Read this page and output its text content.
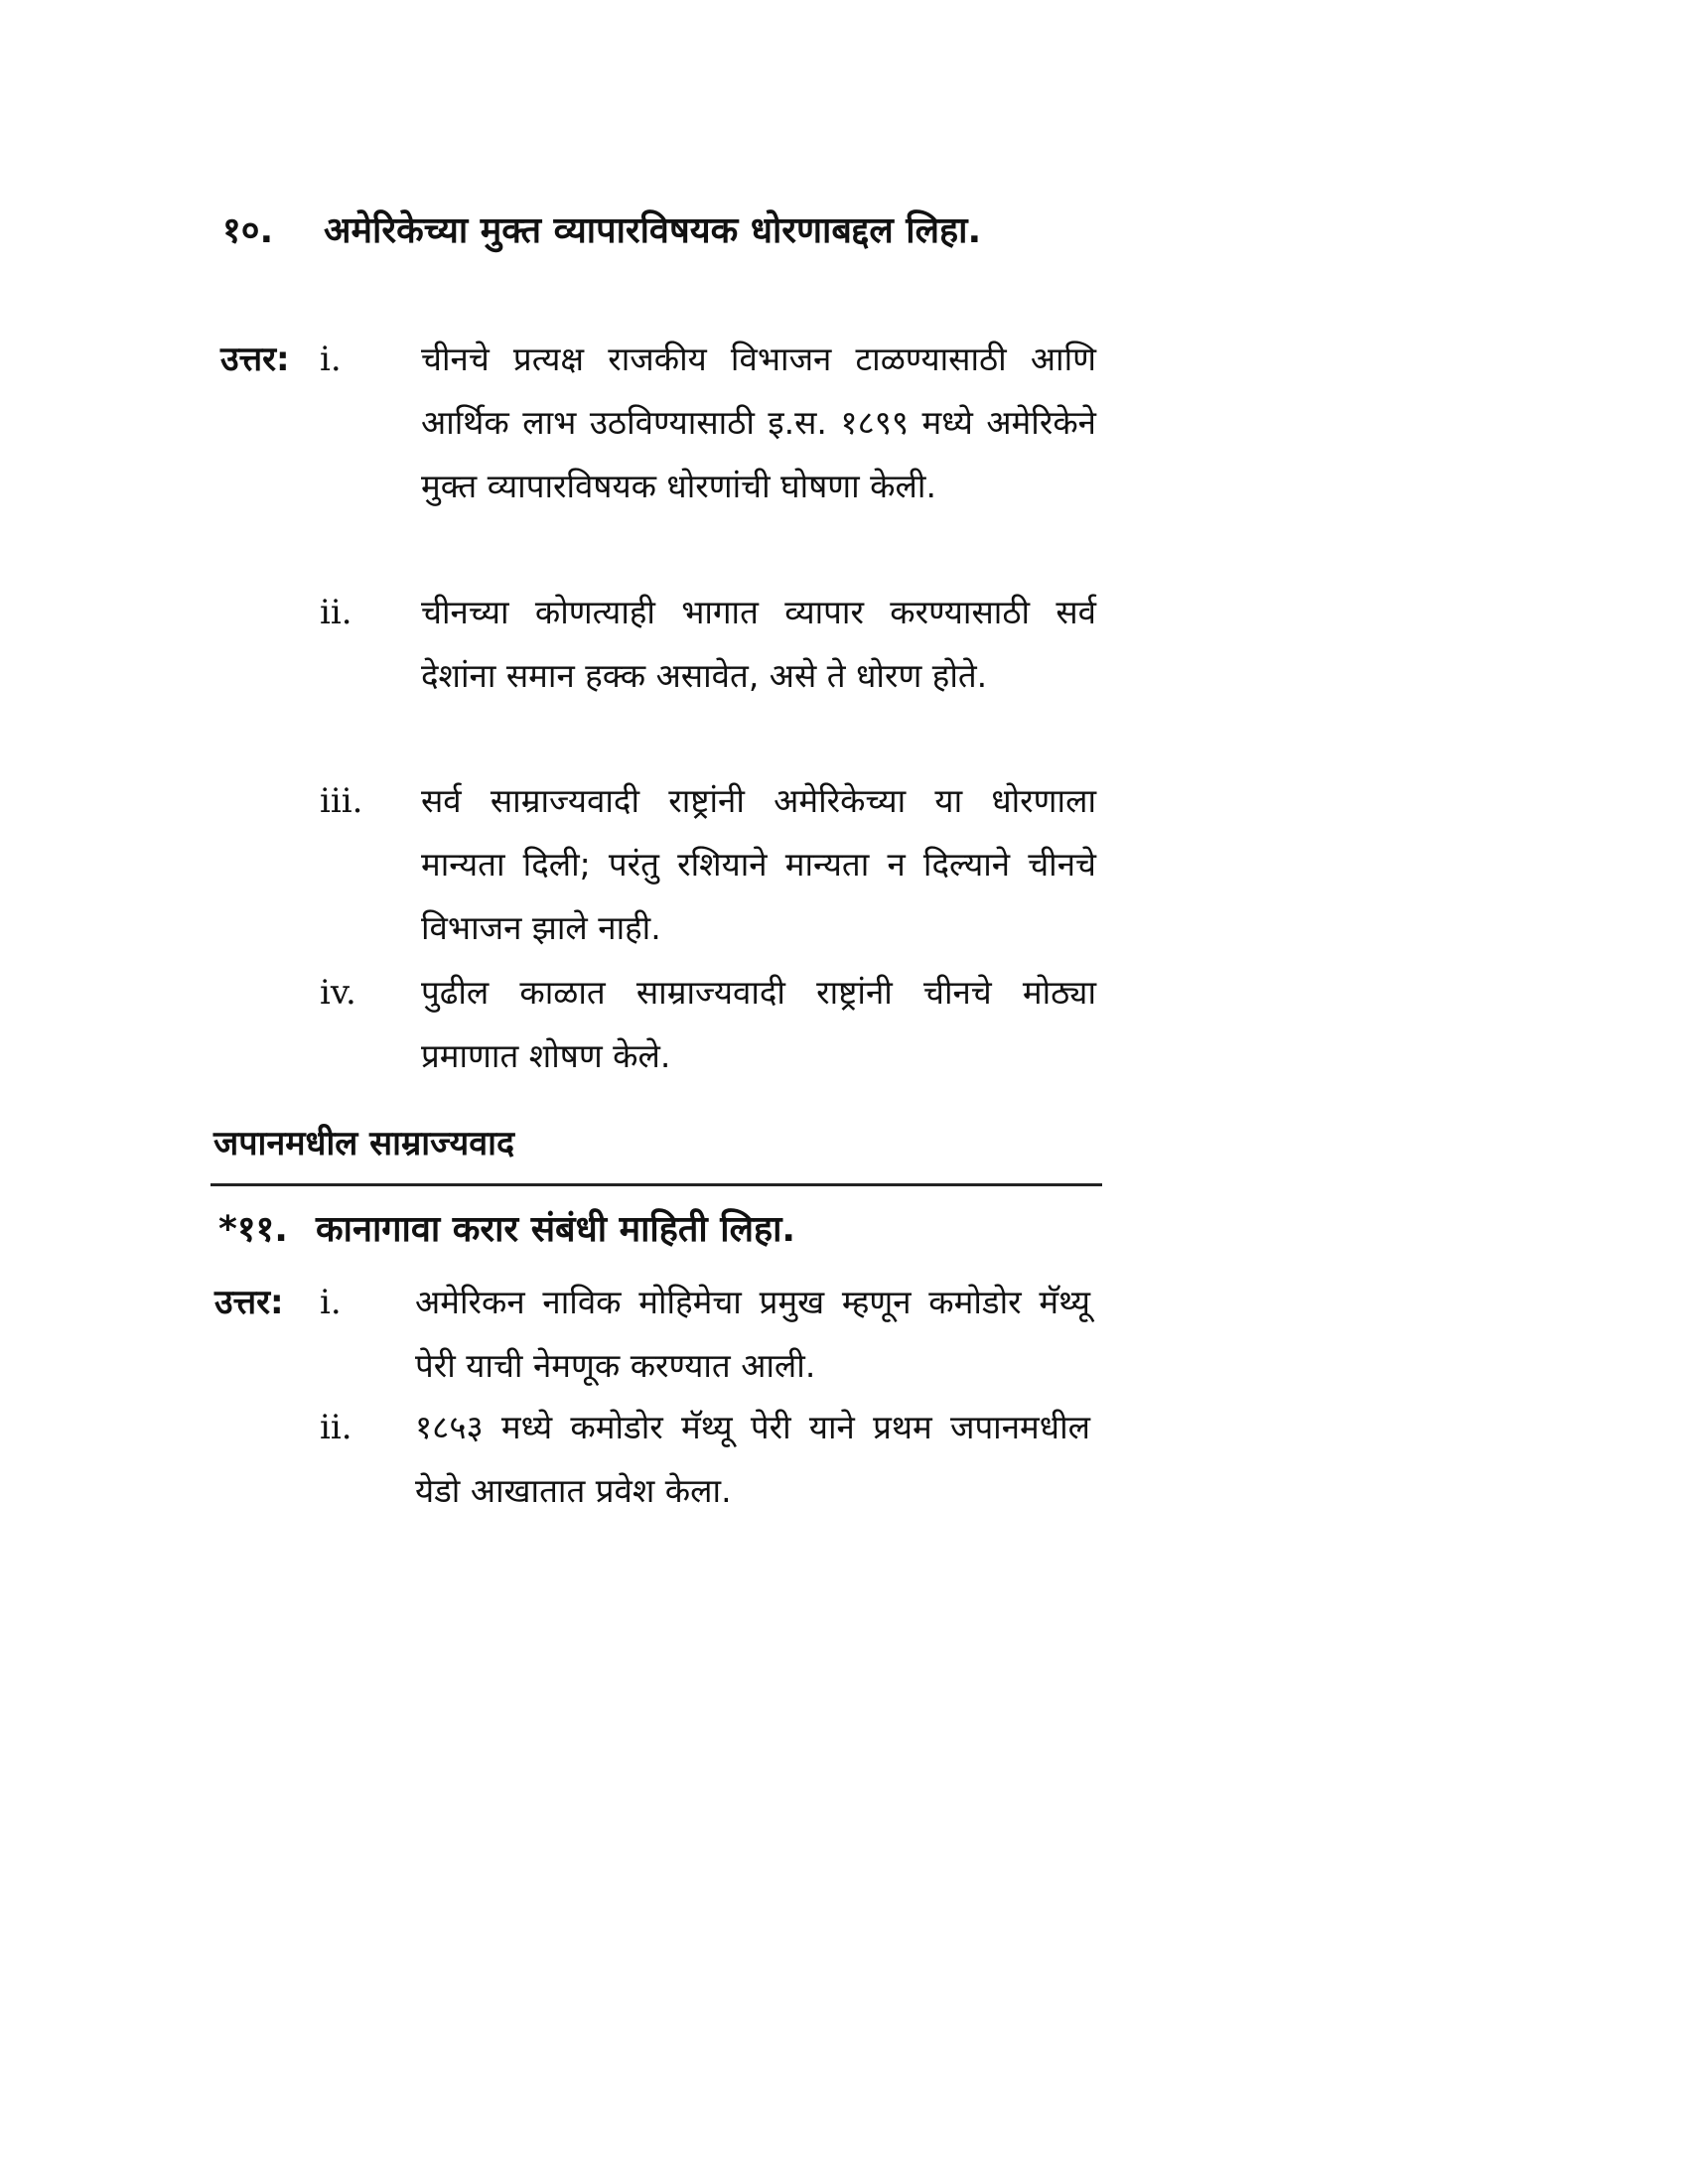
१०. अमेरिकेच्या मुक्त व्यापारविषयक धोरणाबद्दल लिहा.
उत्तर: i. चीनचे प्रत्यक्ष राजकीय विभाजन टाळण्यासाठी आणि आर्थिक लाभ उठविण्यासाठी इ.स. १८९९ मध्ये अमेरिकेने मुक्त व्यापारविषयक धोरणांची घोषणा केली.
ii. चीनच्या कोणत्याही भागात व्यापार करण्यासाठी सर्व देशांना समान हक्क असावेत, असे ते धोरण होते.
iii. सर्व साम्राज्यवादी राष्ट्रांनी अमेरिकेच्या या धोरणाला मान्यता दिली; परंतु रशियाने मान्यता न दिल्याने चीनचे विभाजन झाले नाही.
iv. पुढील काळात साम्राज्यवादी राष्ट्रांनी चीनचे मोठ्या प्रमाणात शोषण केले.
जपानमधील साम्राज्यवाद
*११. कानागावा करार संबंधी माहिती लिहा.
उत्तर: i. अमेरिकन नाविक मोहिमेचा प्रमुख म्हणून कमोडोर मॅथ्यू पेरी याची नेमणूक करण्यात आली.
ii. १८५३ मध्ये कमोडोर मॅथ्यू पेरी याने प्रथम जपानमधील येडो आखातात प्रवेश केला.
